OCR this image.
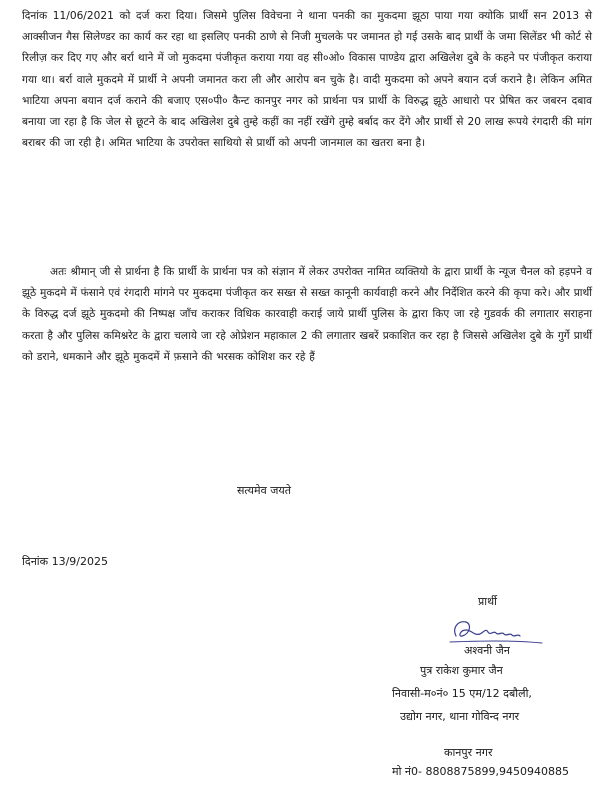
दिनांक 11/06/2021 को दर्ज करा दिया। जिसमे पुलिस विवेचना ने थाना पनकी का मुकदमा झूठा पाया गया क्योकि प्रार्थी सन 2013 से आक्सीजन गैस सिलेण्डर का कार्य कर रहा था इसलिए पनकी ठाणे से निजी मुचलके पर जमानत हो गई उसके बाद प्रार्थी के जमा सिलेंडर भी कोर्ट से रिलीज़ कर दिए गए और बर्रा थाने में जो मुकदमा पंजीकृत कराया गया वह सी०ओ० विकास पाण्डेय द्वारा अखिलेश दुबे के कहने पर पंजीकृत कराया गया था। बर्रा वाले मुकदमे में प्रार्थी ने अपनी जमानत करा ली और आरोप बन चुके है। वादी मुकदमा को अपने बयान दर्ज कराने है। लेकिन अमित भाटिया अपना बयान दर्ज कराने की बजाए एस०पी० कैन्ट कानपुर नगर को प्रार्थना पत्र प्रार्थी के विरुद्ध झूठे आधारो पर प्रेषित कर जबरन दबाव बनाया जा रहा है कि जेल से छूटने के बाद अखिलेश दुबे तुम्हे कहीं का नहीं रखेंगे तुम्हे बर्बाद कर देंगे और प्रार्थी से 20 लाख रूपये रंगदारी की मांग बराबर की जा रही है। अमित भाटिया के उपरोक्त साथियो से प्रार्थी को अपनी जानमाल का खतरा बना है।

अतः श्रीमान् जी से प्रार्थना है कि प्रार्थी के प्रार्थना पत्र को संज्ञान में लेकर उपरोक्त नामित व्यक्तियो के द्वारा प्रार्थी के न्यूज चैनल को हड़पने व झूठे मुकदमे में फंसाने एवं रंगदारी मांगने पर मुकदमा पंजीकृत कर सख्त से सख्त कानूनी कार्यवाही करने और निर्देशित करने की कृपा करे। और प्रार्थी के विरुद्ध दर्ज झूठे मुकदमो की निष्पक्ष जाँच कराकर विधिक कारवाही कराई जाये प्रार्थी पुलिस के द्वारा किए जा रहे गुडवर्क की लगातार सराहना करता है और पुलिस कमिश्नरेट के द्वारा चलाये जा रहे ओप्रेशन महाकाल 2 की लगातार खबरें प्रकाशित कर रहा है जिससे अखिलेश दुबे के गुर्गे प्रार्थी को डराने, धमकाने और झूठे मुकदमें में फ़साने की भरसक कोशिश कर रहे हैं

सत्यमेव जयते
दिनांक 13/9/2025
प्रार्थी
अश्वनी जैन
पुत्र राकेश कुमार जैन
निवासी-म०नं० 15 एम/12 दबौली,
उद्योग नगर, थाना गोविन्द नगर
कानपुर नगर
मो नं0- 8808875899,9450940885
